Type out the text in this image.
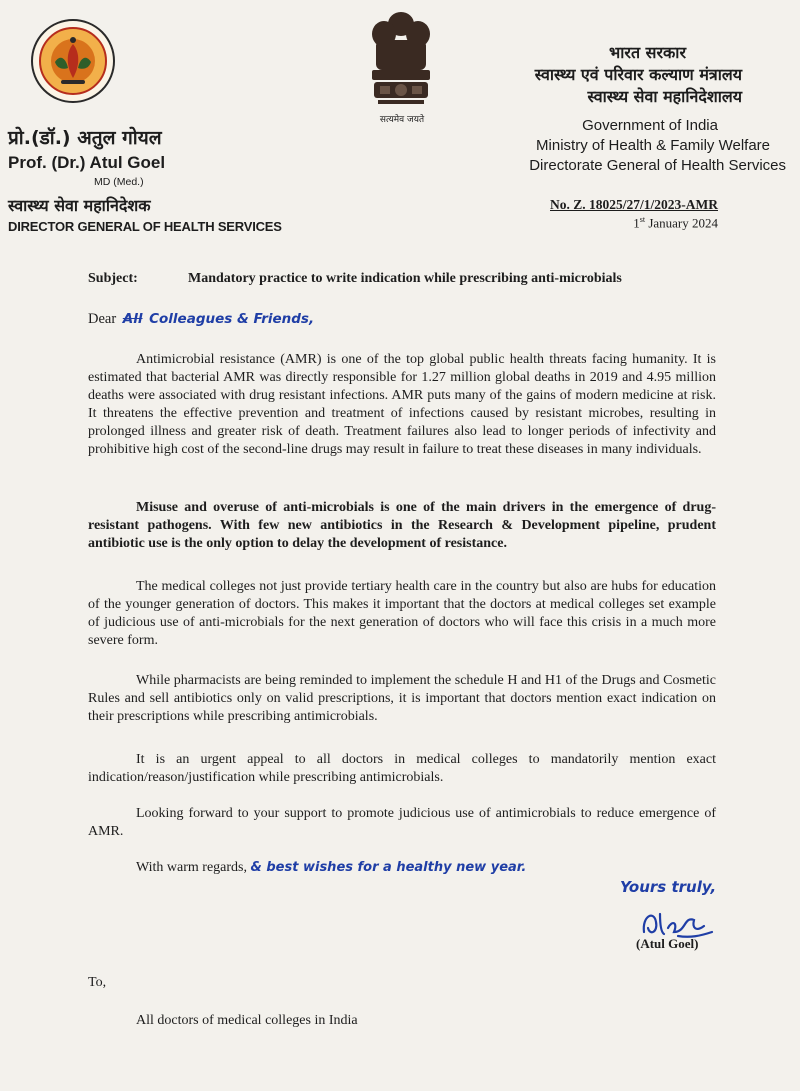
प्रो.(डॉ.) अतुल गोयल
Prof. (Dr.) Atul Goel
MD (Med.)
स्वास्थ्य सेवा महानिदेशक
DIRECTOR GENERAL OF HEALTH SERVICES
सत्यमेव जयते
भारत सरकार
स्वास्थ्य एवं परिवार कल्याण मंत्रालय
स्वास्थ्य सेवा महानिदेशालय
Government of India
Ministry of Health & Family Welfare
Directorate General of Health Services
No. Z. 18025/27/1/2023-AMR
1st January 2024
Subject:	Mandatory practice to write indication while prescribing anti-microbials
Dear All Colleagues & Friends,

Antimicrobial resistance (AMR) is one of the top global public health threats facing humanity. It is estimated that bacterial AMR was directly responsible for 1.27 million global deaths in 2019 and 4.95 million deaths were associated with drug resistant infections. AMR puts many of the gains of modern medicine at risk. It threatens the effective prevention and treatment of infections caused by resistant microbes, resulting in prolonged illness and greater risk of death. Treatment failures also lead to longer periods of infectivity and prohibitive high cost of the second-line drugs may result in failure to treat these diseases in many individuals.

Misuse and overuse of anti-microbials is one of the main drivers in the emergence of drug-resistant pathogens. With few new antibiotics in the Research & Development pipeline, prudent antibiotic use is the only option to delay the development of resistance.

The medical colleges not just provide tertiary health care in the country but also are hubs for education of the younger generation of doctors. This makes it important that the doctors at medical colleges set example of judicious use of anti-microbials for the next generation of doctors who will face this crisis in a much more severe form.

While pharmacists are being reminded to implement the schedule H and H1 of the Drugs and Cosmetic Rules and sell antibiotics only on valid prescriptions, it is important that doctors mention exact indication on their prescriptions while prescribing antimicrobials.

It is an urgent appeal to all doctors in medical colleges to mandatorily mention exact indication/reason/justification while prescribing antimicrobials.

Looking forward to your support to promote judicious use of antimicrobials to reduce emergence of AMR.

With warm regards, & best wishes for a healthy new year.
Yours truly,
(Atul Goel)
To,
All doctors of medical colleges in India
